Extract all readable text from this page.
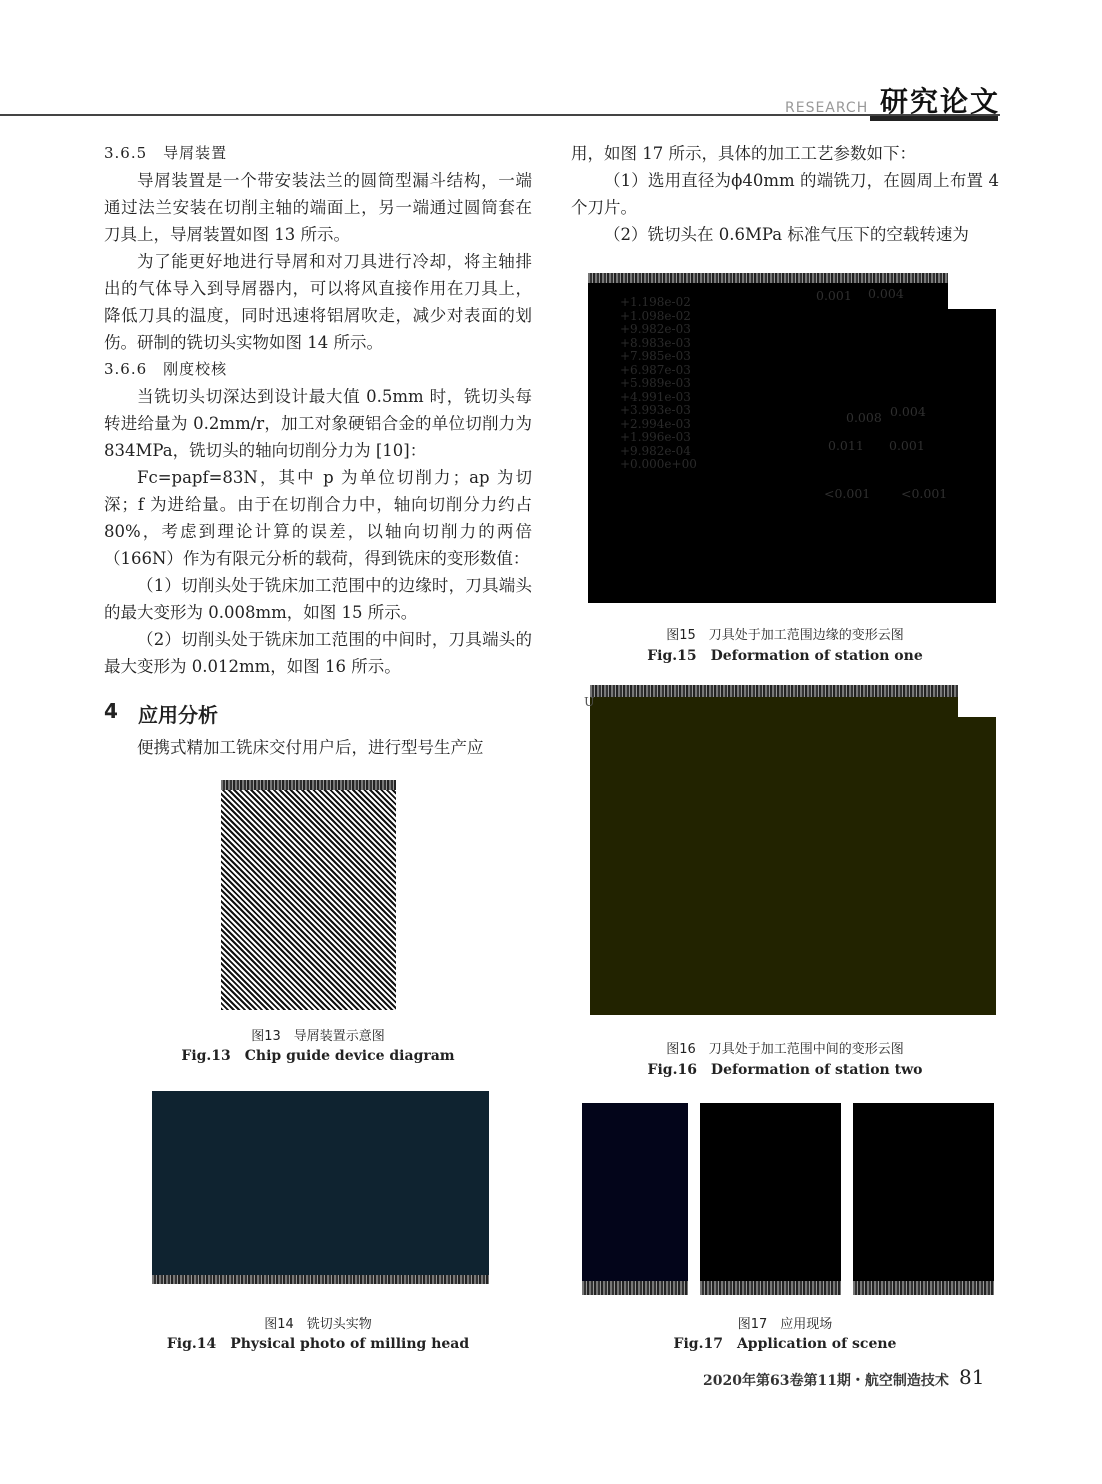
RESEARCH 研究论文

3.6.5　导屑装置

导屑装置是一个带安装法兰的圆筒型漏斗结构，一端通过法兰安装在切削主轴的端面上，另一端通过圆筒套在刀具上，导屑装置如图 13 所示。

为了能更好地进行导屑和对刀具进行冷却，将主轴排出的气体导入到导屑器内，可以将风直接作用在刀具上，降低刀具的温度，同时迅速将铝屑吹走，减少对表面的划伤。研制的铣切头实物如图 14 所示。

3.6.6　刚度校核

当铣切头切深达到设计最大值 0.5mm 时，铣切头每转进给量为 0.2mm/r，加工对象硬铝合金的单位切削力为 834MPa，铣切头的轴向切削分力为 [10]：

Fc=papf=83N，其中 p 为单位切削力；ap 为切深；f 为进给量。由于在切削合力中，轴向切削分力约占 80%，考虑到理论计算的误差，以轴向切削力的两倍（166N）作为有限元分析的载荷，得到铣床的变形数值：

（1）切削头处于铣床加工范围中的边缘时，刀具端头的最大变形为 0.008mm，如图 15 所示。

（2）切削头处于铣床加工范围的中间时，刀具端头的最大变形为 0.012mm，如图 16 所示。

4 应用分析

便携式精加工铣床交付用户后，进行型号生产应

图13　导屑装置示意图
Fig.13　Chip guide device diagram
图14　铣切头实物
Fig.14　Physical photo of milling head

用，如图 17 所示，具体的加工工艺参数如下：

（1）选用直径为ϕ40mm 的端铣刀，在圆周上布置 4 个刀片。

（2）铣切头在 0.6MPa 标准气压下的空载转速为

+1.198e-02
+1.098e-02
+9.982e-03
+8.983e-03
+7.985e-03
+6.987e-03
+5.989e-03
+4.991e-03
+3.993e-03
+2.994e-03
+1.996e-03
+9.982e-04
+0.000e+00
0.001 0.004
0.008 0.004
0.011 0.001
<0.001 <0.001
图15　刀具处于加工范围边缘的变形云图
Fig.15　Deformation of station one
U
图16　刀具处于加工范围中间的变形云图
Fig.16　Deformation of station two
图17　应用现场
Fig.17　Application of scene
2020年第63卷第11期・航空制造技术 81
